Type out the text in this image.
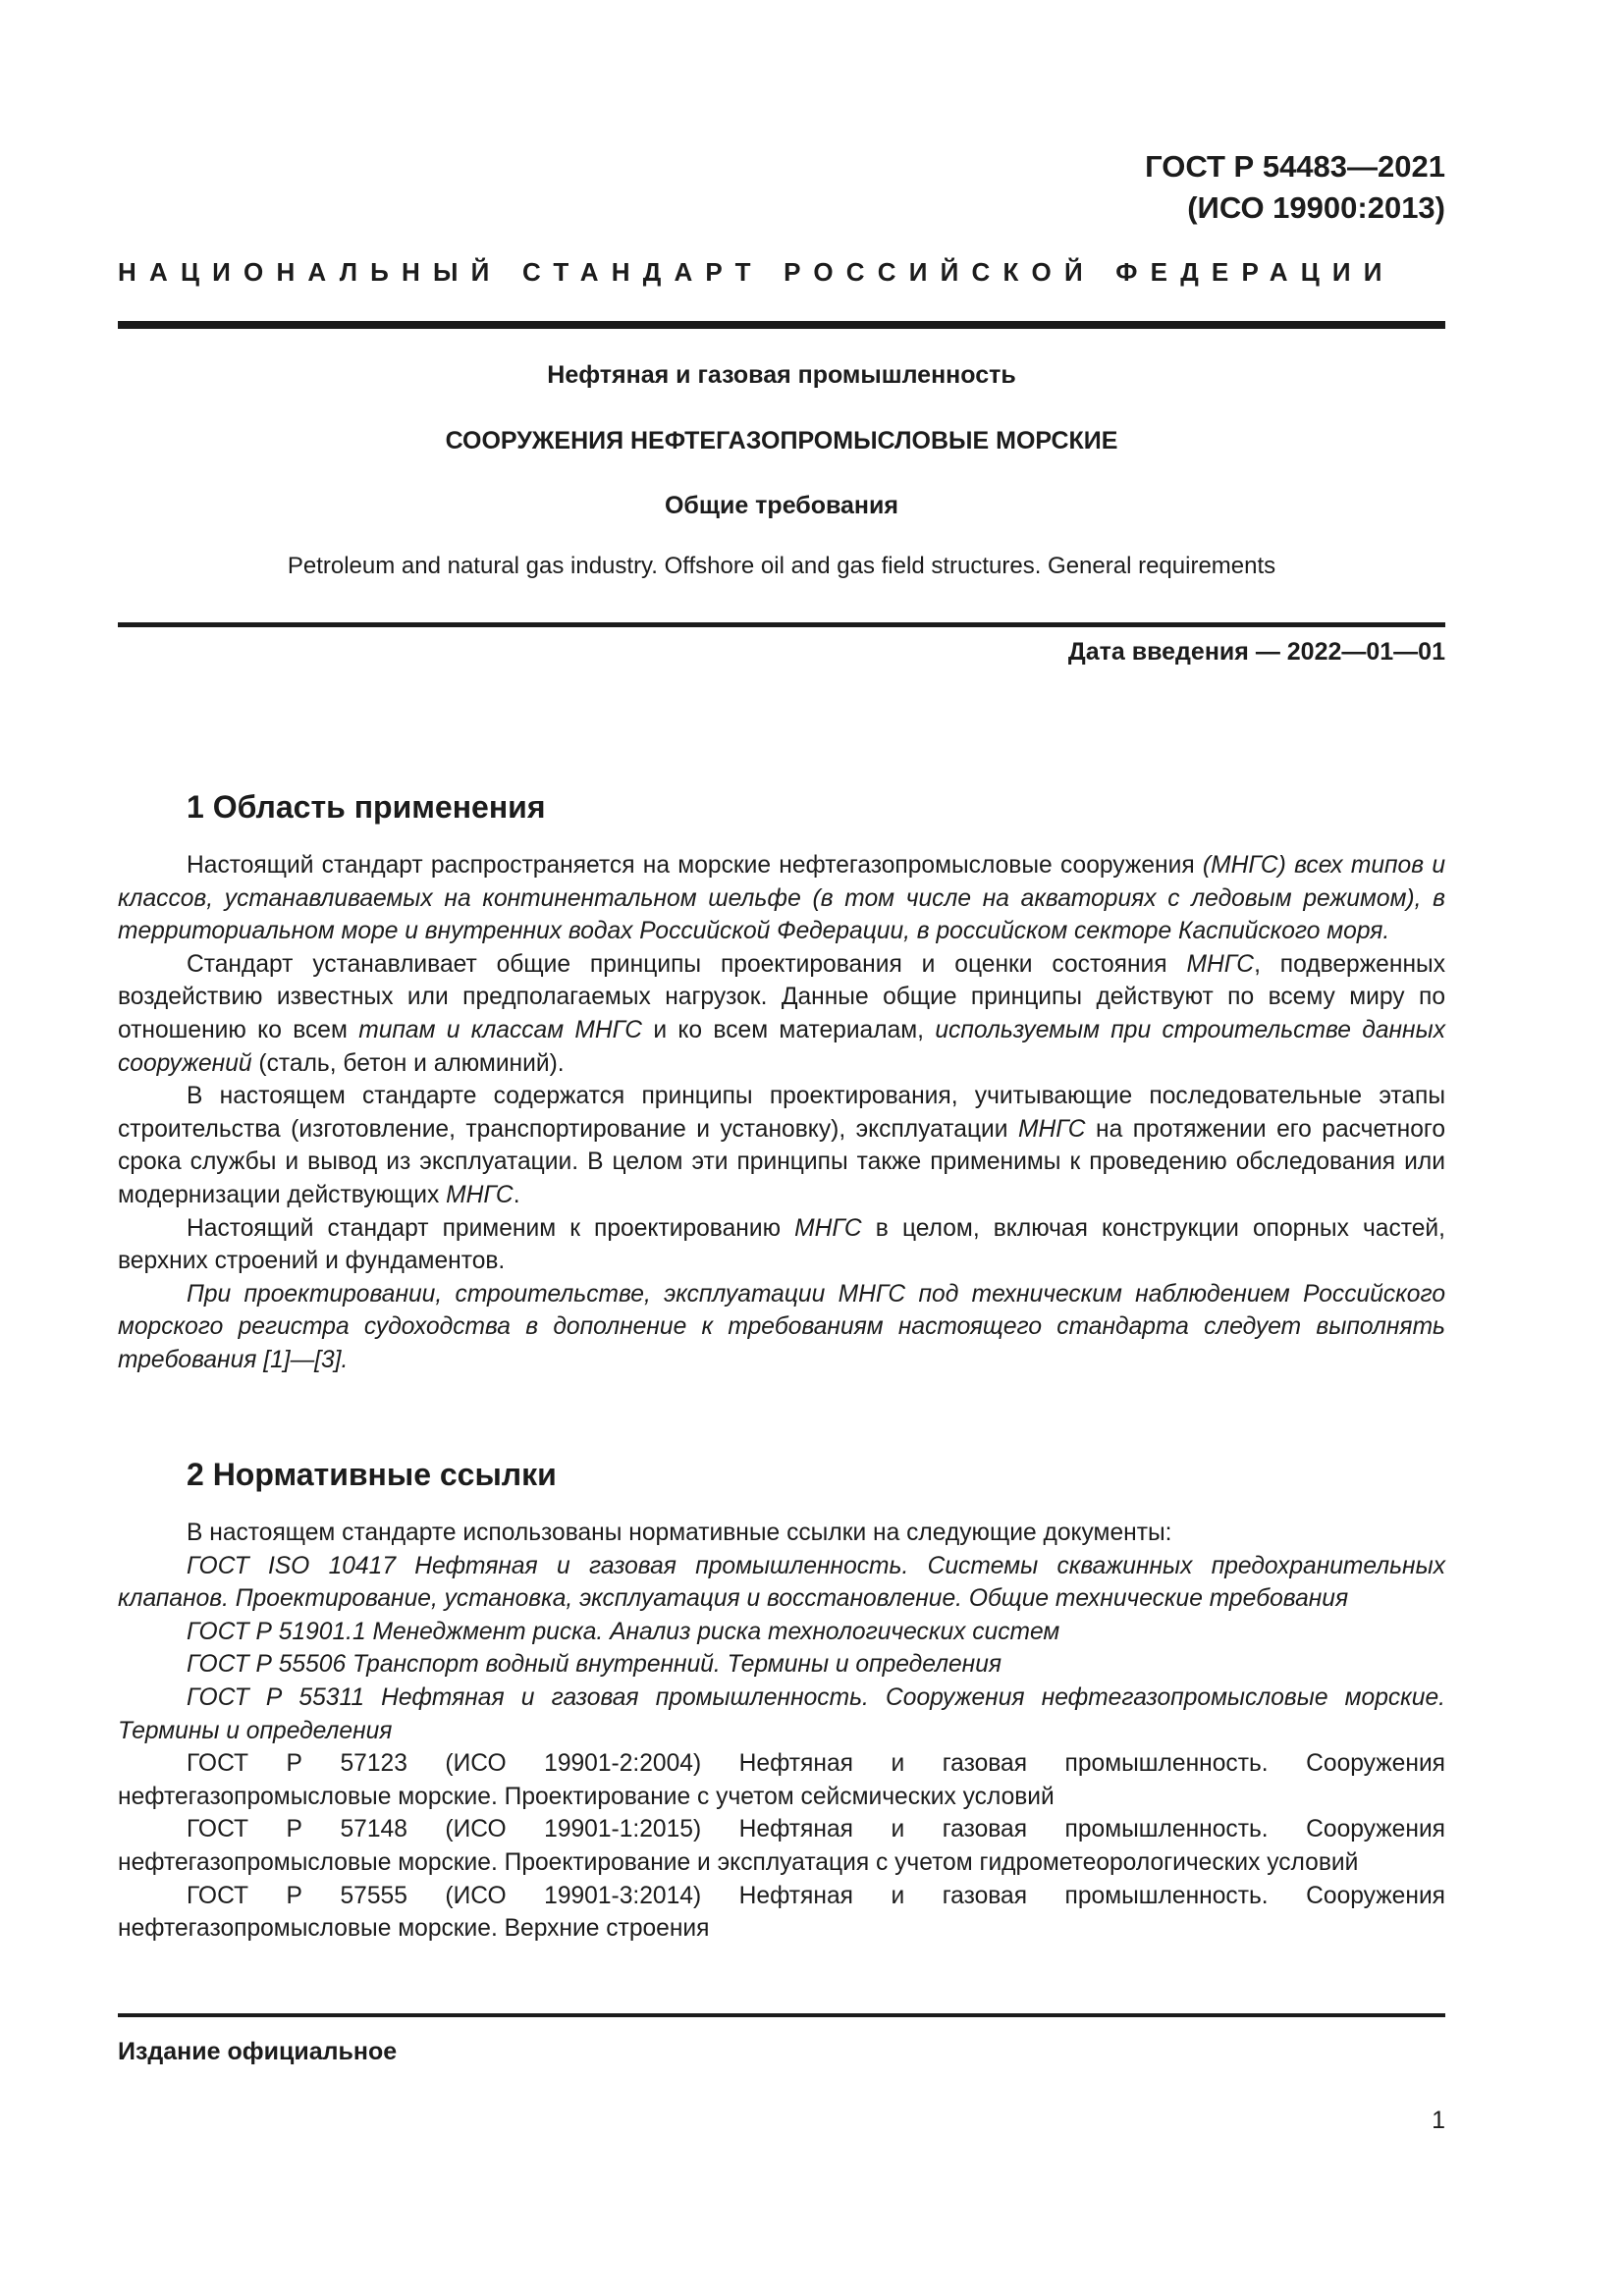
ГОСТ Р 54483—2021
(ИСО 19900:2013)
НАЦИОНАЛЬНЫЙ СТАНДАРТ РОССИЙСКОЙ ФЕДЕРАЦИИ
Нефтяная и газовая промышленность
СООРУЖЕНИЯ НЕФТЕГАЗОПРОМЫСЛОВЫЕ МОРСКИЕ
Общие требования
Petroleum and natural gas industry. Offshore oil and gas field structures. General requirements
Дата введения — 2022—01—01
1 Область применения

Настоящий стандарт распространяется на морские нефтегазопромысловые сооружения (МНГС) всех типов и классов, устанавливаемых на континентальном шельфе (в том числе на акваториях с ледовым режимом), в территориальном море и внутренних водах Российской Федерации, в российском секторе Каспийского моря.

Стандарт устанавливает общие принципы проектирования и оценки состояния МНГС, подверженных воздействию известных или предполагаемых нагрузок. Данные общие принципы действуют по всему миру по отношению ко всем типам и классам МНГС и ко всем материалам, используемым при строительстве данных сооружений (сталь, бетон и алюминий).

В настоящем стандарте содержатся принципы проектирования, учитывающие последовательные этапы строительства (изготовление, транспортирование и установку), эксплуатации МНГС на протяжении его расчетного срока службы и вывод из эксплуатации. В целом эти принципы также применимы к проведению обследования или модернизации действующих МНГС.

Настоящий стандарт применим к проектированию МНГС в целом, включая конструкции опорных частей, верхних строений и фундаментов.

При проектировании, строительстве, эксплуатации МНГС под техническим наблюдением Российского морского регистра судоходства в дополнение к требованиям настоящего стандарта следует выполнять требования [1]—[3].

2 Нормативные ссылки

В настоящем стандарте использованы нормативные ссылки на следующие документы:

ГОСТ ISO 10417 Нефтяная и газовая промышленность. Системы скважинных предохранительных клапанов. Проектирование, установка, эксплуатация и восстановление. Общие технические требования

ГОСТ Р 51901.1 Менеджмент риска. Анализ риска технологических систем

ГОСТ Р 55506 Транспорт водный внутренний. Термины и определения

ГОСТ Р 55311 Нефтяная и газовая промышленность. Сооружения нефтегазопромысловые морские. Термины и определения

ГОСТ Р 57123 (ИСО 19901-2:2004) Нефтяная и газовая промышленность. Сооружения нефтегазопромысловые морские. Проектирование с учетом сейсмических условий

ГОСТ Р 57148 (ИСО 19901-1:2015) Нефтяная и газовая промышленность. Сооружения нефтегазопромысловые морские. Проектирование и эксплуатация с учетом гидрометеорологических условий

ГОСТ Р 57555 (ИСО 19901-3:2014) Нефтяная и газовая промышленность. Сооружения нефтегазопромысловые морские. Верхние строения

Издание официальное
1
